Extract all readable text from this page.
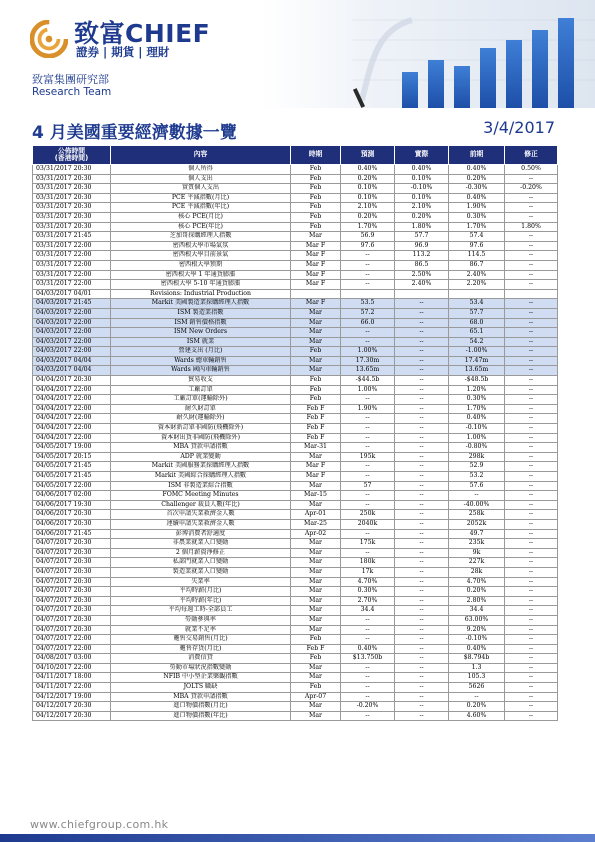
致富CHIEF
證券 | 期貨 | 理財
致富集團研究部
Research Team
4 月美國重要經濟數據一覽	3/4/2017
公佈時間
(香港時間)	內容	時期	預測	實際	前期	修正
03/31/2017 20:30	個人所得	Feb	0.40%	0.40%	0.40%	0.50%
03/31/2017 20:30	個人支出	Feb	0.20%	0.10%	0.20%	--
03/31/2017 20:30	實質個人支出	Feb	0.10%	-0.10%	-0.30%	-0.20%
03/31/2017 20:30	PCE 平減指數(月比)	Feb	0.10%	0.10%	0.40%	--
03/31/2017 20:30	PCE 平減指數(年比)	Feb	2.10%	2.10%	1.90%	--
03/31/2017 20:30	核心 PCE(月比)	Feb	0.20%	0.20%	0.30%	--
03/31/2017 20:30	核心 PCE(年比)	Feb	1.70%	1.80%	1.70%	1.80%
03/31/2017 21:45	芝加哥採購經理人指數	Mar	56.9	57.7	57.4	--
03/31/2017 22:00	密西根大學市場氣氛	Mar F	97.6	96.9	97.6	--
03/31/2017 22:00	密西根大學目前景氣	Mar F	--	113.2	114.5	--
03/31/2017 22:00	密西根大學預期	Mar F	--	86.5	86.7	--
03/31/2017 22:00	密西根大學 1 年通貨膨脹	Mar F	--	2.50%	2.40%	--
03/31/2017 22:00	密西根大學 5-10 年通貨膨脹	Mar F	--	2.40%	2.20%	--
04/03/2017 04/01	Revisions: Industrial Production					
04/03/2017 21:45	Markit 美國製造業採購經理人指數	Mar F	53.5	--	53.4	--
04/03/2017 22:00	ISM 製造業指數	Mar	57.2	--	57.7	--
04/03/2017 22:00	ISM 銷售價格指數	Mar	66.0	--	68.0	--
04/03/2017 22:00	ISM New Orders	Mar	--	--	65.1	--
04/03/2017 22:00	ISM 就業	Mar	--	--	54.2	--
04/03/2017 22:00	營建支出 (月比)	Feb	1.00%	--	-1.00%	--
04/03/2017 04/04	Wards 總車輛銷售	Mar	17.30m	--	17.47m	--
04/03/2017 04/04	Wards 國內車輛銷售	Mar	13.65m	--	13.65m	--
04/04/2017 20:30	貿易收支	Feb	-$44.5b	--	-$48.5b	--
04/04/2017 22:00	工廠訂單	Feb	1.00%	--	1.20%	--
04/04/2017 22:00	工廠訂單(運輸除外)	Feb	--	--	0.30%	--
04/04/2017 22:00	耐久財訂單	Feb F	1.90%	--	1.70%	--
04/04/2017 22:00	耐久財(運輸除外)	Feb F	--	--	0.40%	--
04/04/2017 22:00	資本財新訂單非國防(飛機除外)	Feb F	--	--	-0.10%	--
04/04/2017 22:00	資本財出貨非國防(飛機除外)	Feb F	--	--	1.00%	--
04/05/2017 19:00	MBA 貸款申請指數	Mar-31	--	--	-0.80%	--
04/05/2017 20:15	ADP 就業變動	Mar	195k	--	298k	--
04/05/2017 21:45	Markit 美國服務業採購經理人指數	Mar F	--	--	52.9	--
04/05/2017 21:45	Markit 美國綜合採購經理人指數	Mar F	--	--	53.2	--
04/05/2017 22:00	ISM 非製造業綜合指數	Mar	57	--	57.6	--
04/06/2017 02:00	FOMC Meeting Minutes	Mar-15	--	--	--	--
04/06/2017 19:30	Challenger 裁員人數(年比)	Mar	--	--	-40.00%	--
04/06/2017 20:30	首次申請失業救濟金人數	Apr-01	250k	--	258k	--
04/06/2017 20:30	連續申請失業救濟金人數	Mar-25	2040k	--	2052k	--
04/06/2017 21:45	彭博消費者舒適度	Apr-02	--	--	49.7	--
04/07/2017 20:30	非農業就業人口變動	Mar	175k	--	235k	--
04/07/2017 20:30	2 個月薪資淨修正	Mar	--	--	9k	--
04/07/2017 20:30	私部門就業人口變動	Mar	180k	--	227k	--
04/07/2017 20:30	製造業就業人口變動	Mar	17k	--	28k	--
04/07/2017 20:30	失業率	Mar	4.70%	--	4.70%	--
04/07/2017 20:30	平均時薪(月比)	Mar	0.30%	--	0.20%	--
04/07/2017 20:30	平均時薪(年比)	Mar	2.70%	--	2.80%	--
04/07/2017 20:30	平均每週工時-全部員工	Mar	34.4	--	34.4	--
04/07/2017 20:30	勞動參與率	Mar	--	--	63.00%	--
04/07/2017 20:30	就業不足率	Mar	--	--	9.20%	--
04/07/2017 22:00	躉售交易銷售(月比)	Feb	--	--	-0.10%	--
04/07/2017 22:00	躉售存貨(月比)	Feb F	0.40%	--	0.40%	--
04/08/2017 03:00	消費信貸	Feb	$13.750b	--	$8.794b	--
04/10/2017 22:00	勞動市場狀況指數變動	Mar	--	--	1.3	--
04/11/2017 18:00	NFIB 中小型企業樂觀指數	Mar	--	--	105.3	--
04/11/2017 22:00	JOLTS 職缺	Feb	--	--	5626	--
04/12/2017 19:00	MBA 貸款申請指數	Apr-07	--	--	--	--
04/12/2017 20:30	進口物價指數(月比)	Mar	-0.20%	--	0.20%	--
04/12/2017 20:30	進口物價指數(年比)	Mar	--	--	4.60%	--
www.chiefgroup.com.hk
